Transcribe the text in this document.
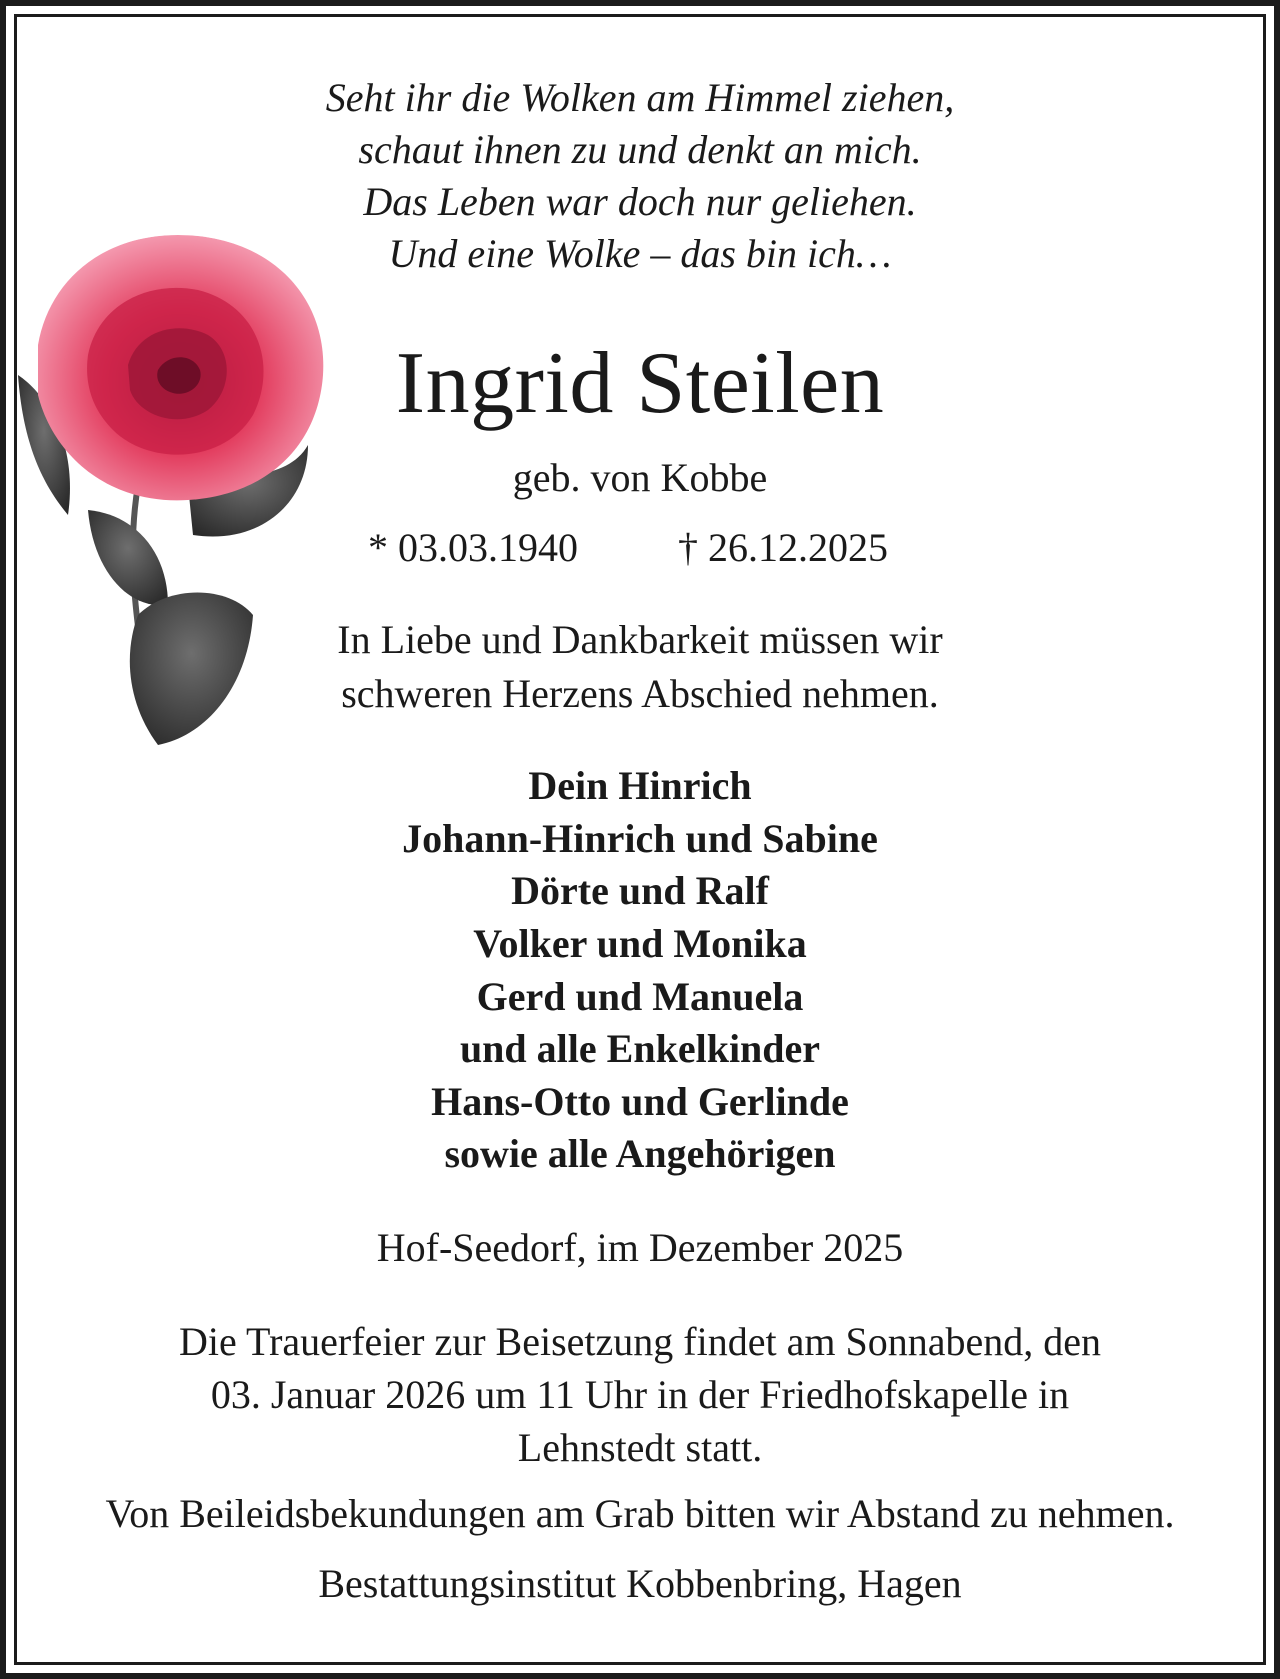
Seht ihr die Wolken am Himmel ziehen,

schaut ihnen zu und denkt an mich.

Das Leben war doch nur geliehen.

Und eine Wolke – das bin ich…

Ingrid Steilen

geb. von Kobbe

* 03.03.1940	† 26.12.2025

In Liebe und Dankbarkeit müssen wir

schweren Herzens Abschied nehmen.

Dein Hinrich

Johann-Hinrich und Sabine

Dörte und Ralf

Volker und Monika

Gerd und Manuela

und alle Enkelkinder

Hans-Otto und Gerlinde

sowie alle Angehörigen

Hof-Seedorf, im Dezember 2025

Die Trauerfeier zur Beisetzung findet am Sonnabend, den

03. Januar 2026 um 11 Uhr in der Friedhofskapelle in

Lehnstedt statt.

Von Beileidsbekundungen am Grab bitten wir Abstand zu nehmen.

Bestattungsinstitut Kobbenbring, Hagen
